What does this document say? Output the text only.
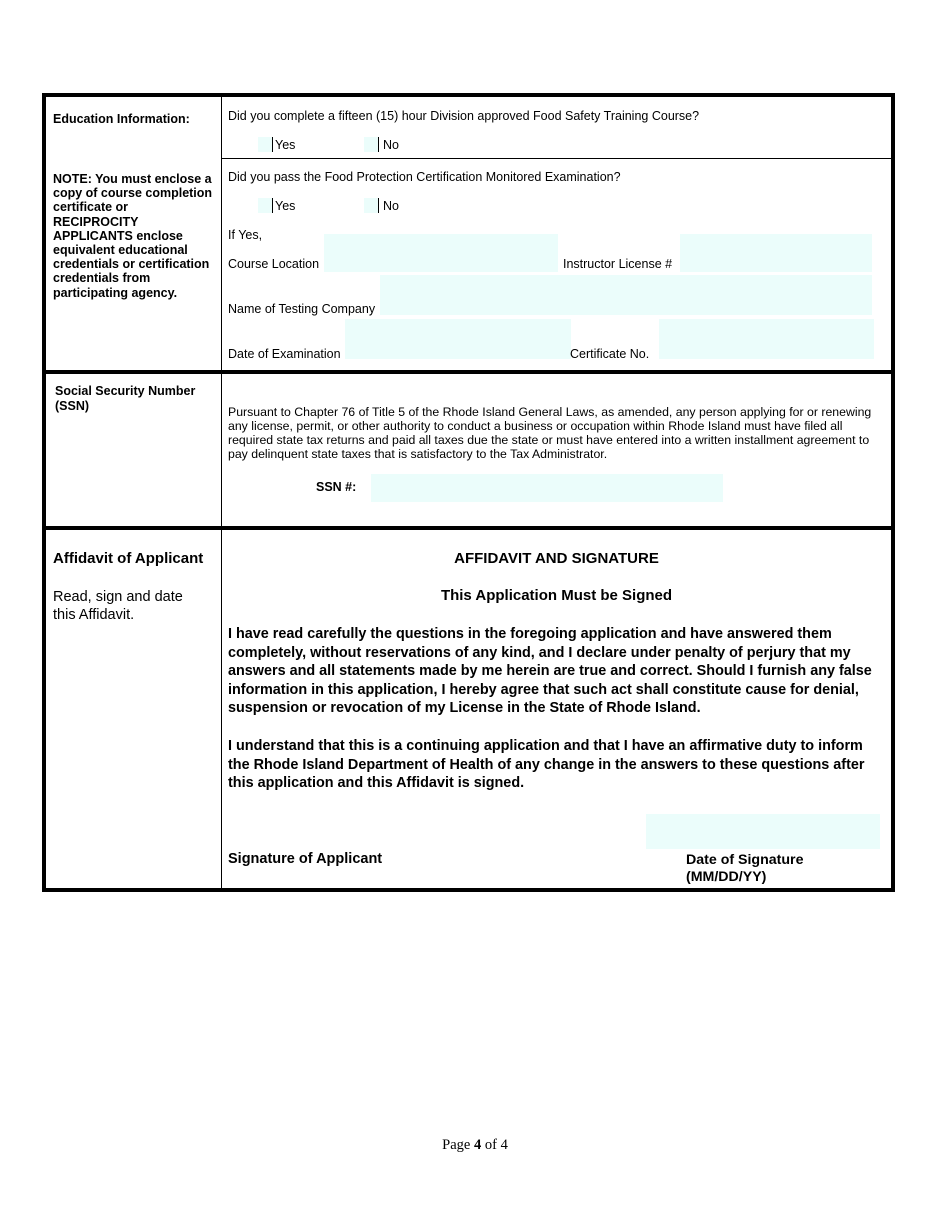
Education Information:
NOTE: You must enclose a copy of course completion certificate or RECIPROCITY APPLICANTS enclose equivalent educational credentials or certification credentials from participating agency.
Did you complete a fifteen (15) hour Division approved Food Safety Training Course?
Yes	No
Did you pass the Food Protection Certification Monitored Examination?
Yes	No
If Yes,
Course Location	Instructor License #
Name of Testing Company
Date of Examination	Certificate No.
Social Security Number (SSN)	Pursuant to Chapter 76 of Title 5 of the Rhode Island General Laws, as amended, any person applying for or renewing any license, permit, or other authority to conduct a business or occupation within Rhode Island must have filed all required state tax returns and paid all taxes due the state or must have entered into a written installment agreement to pay delinquent state taxes that is satisfactory to the Tax Administrator.
SSN #:
Affidavit of Applicant
Read, sign and date this Affidavit.
AFFIDAVIT AND SIGNATURE
This Application Must be Signed
I have read carefully the questions in the foregoing application and have answered them completely, without reservations of any kind, and I declare under penalty of perjury that my answers and all statements made by me herein are true and correct. Should I furnish any false information in this application, I hereby agree that such act shall constitute cause for denial, suspension or revocation of my License in the State of Rhode Island.
I understand that this is a continuing application and that I have an affirmative duty to inform the Rhode Island Department of Health of any change in the answers to these questions after this application and this Affidavit is signed.
Signature of Applicant	Date of Signature (MM/DD/YY)
Page 4 of 4
